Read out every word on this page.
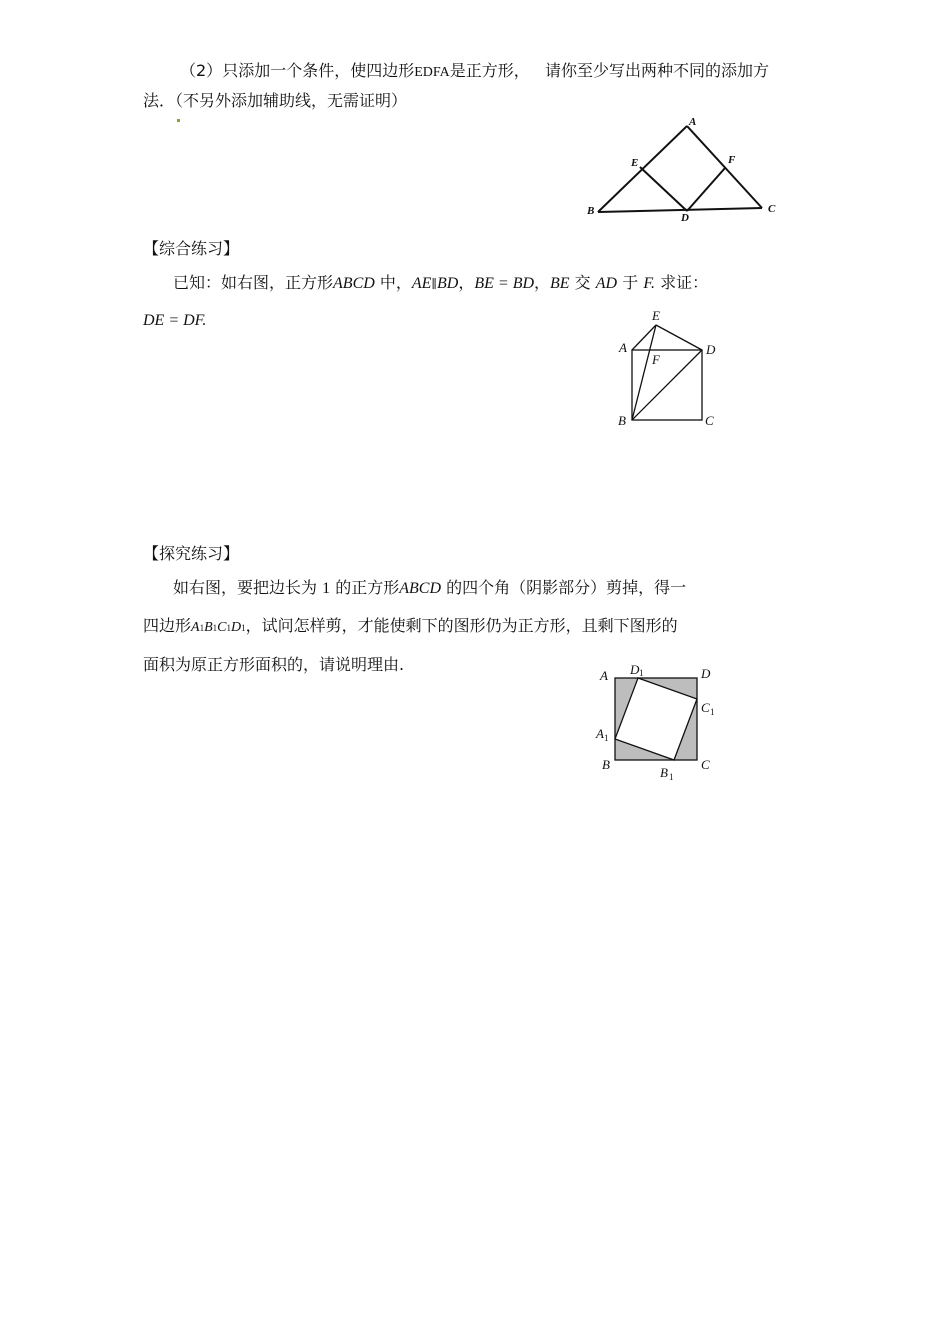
（2）只添加一个条件，使四边形EDFA是正方形， 请你至少写出两种不同的添加方
法．（不另外添加辅助线，无需证明）
A
E	F
B
D
C
【综合练习】
已知：如右图，正方形ABCD 中，AE∥BD，BE = BD，BE 交 AD 于 F. 求证：
DE = DF.	E
A	D
F
B	C
【探究练习】
如右图，要把边长为 1 的正方形ABCD 的四个角（阴影部分）剪掉，得一
四边形A1B1C1D1，试问怎样剪，才能使剩下的图形仍为正方形，且剩下图形的
面积为原正方形面积的，请说明理由.
A D 1	D
C 1
A 1
B
B 1
C
